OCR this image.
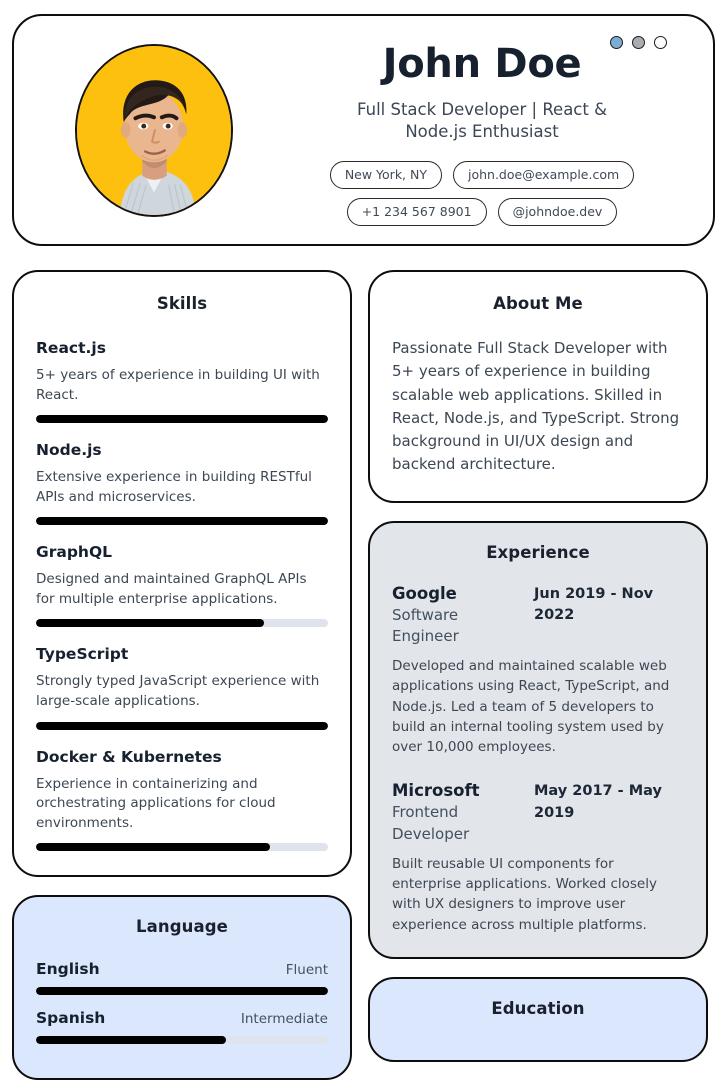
John Doe
Full Stack Developer | React & Node.js Enthusiast
New York, NY	john.doe@example.com
+1 234 567 8901	@johndoe.dev
Skills
React.js
5+ years of experience in building UI with React.
Node.js
Extensive experience in building RESTful APIs and microservices.
GraphQL
Designed and maintained GraphQL APIs for multiple enterprise applications.
TypeScript
Strongly typed JavaScript experience with large-scale applications.
Docker & Kubernetes
Experience in containerizing and orchestrating applications for cloud environments.
Language
English	Fluent
Spanish	Intermediate
About Me
Passionate Full Stack Developer with 5+ years of experience in building scalable web applications. Skilled in React, Node.js, and TypeScript. Strong background in UI/UX design and backend architecture.
Experience
Google
Software Engineer
Jun 2019 - Nov 2022
Developed and maintained scalable web applications using React, TypeScript, and Node.js. Led a team of 5 developers to build an internal tooling system used by over 10,000 employees.
Microsoft
Frontend Developer
May 2017 - May 2019
Built reusable UI components for enterprise applications. Worked closely with UX designers to improve user experience across multiple platforms.
Education
